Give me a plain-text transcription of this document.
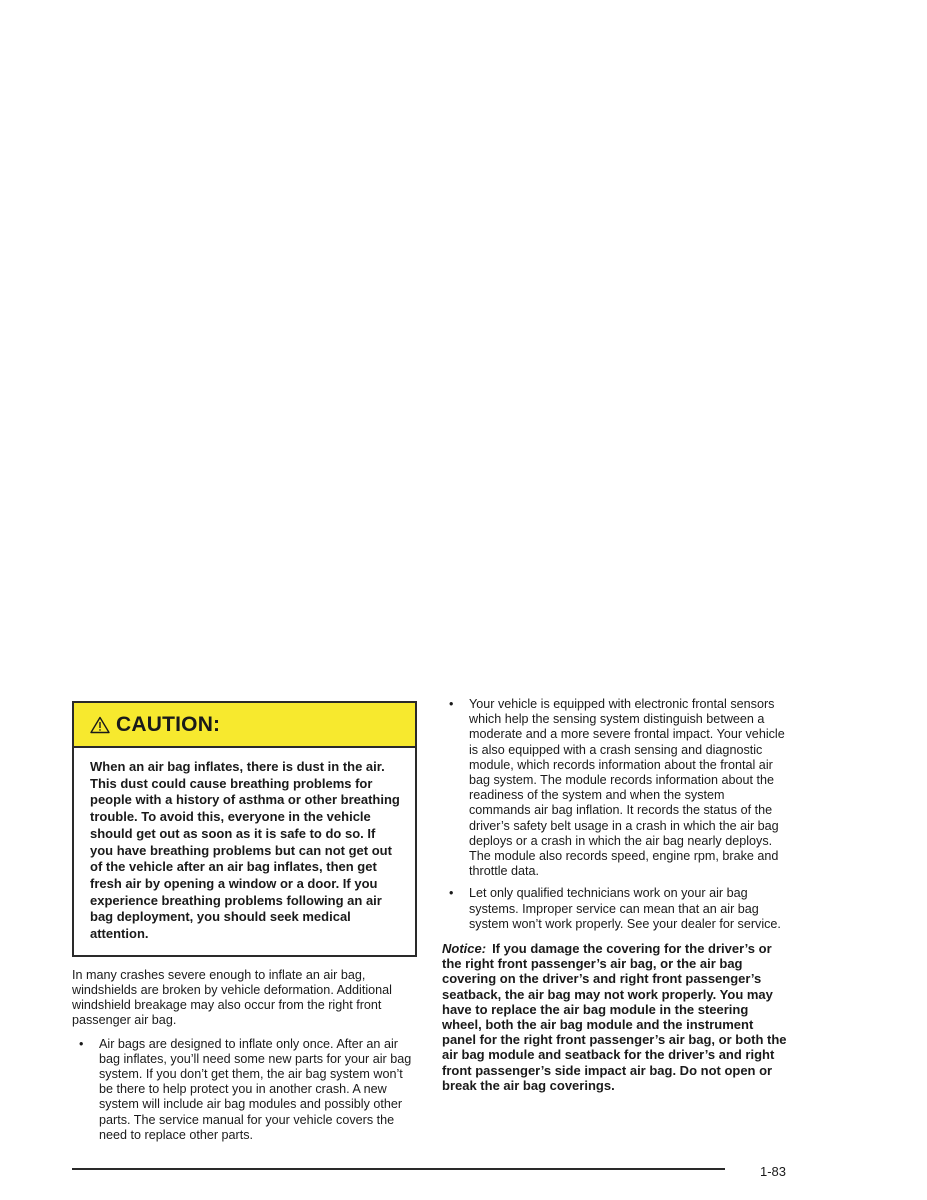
CAUTION:
When an air bag inflates, there is dust in the air. This dust could cause breathing problems for people with a history of asthma or other breathing trouble. To avoid this, everyone in the vehicle should get out as soon as it is safe to do so. If you have breathing problems but can not get out of the vehicle after an air bag inflates, then get fresh air by opening a window or a door. If you experience breathing problems following an air bag deployment, you should seek medical attention.

In many crashes severe enough to inflate an air bag, windshields are broken by vehicle deformation. Additional windshield breakage may also occur from the right front passenger air bag.

• Air bags are designed to inflate only once. After an air bag inflates, you’ll need some new parts for your air bag system. If you don’t get them, the air bag system won’t be there to help protect you in another crash. A new system will include air bag modules and possibly other parts. The service manual for your vehicle covers the need to replace other parts.
• Your vehicle is equipped with electronic frontal sensors which help the sensing system distinguish between a moderate and a more severe frontal impact. Your vehicle is also equipped with a crash sensing and diagnostic module, which records information about the frontal air bag system. The module records information about the readiness of the system and when the system commands air bag inflation. It records the status of the driver’s safety belt usage in a crash in which the air bag deploys or a crash in which the air bag nearly deploys. The module also records speed, engine rpm, brake and throttle data.
• Let only qualified technicians work on your air bag systems. Improper service can mean that an air bag system won’t work properly. See your dealer for service.
Notice: If you damage the covering for the driver’s or the right front passenger’s air bag, or the air bag covering on the driver’s and right front passenger’s seatback, the air bag may not work properly. You may have to replace the air bag module in the steering wheel, both the air bag module and the instrument panel for the right front passenger’s air bag, or both the air bag module and seatback for the driver’s and right front passenger’s side impact air bag. Do not open or break the air bag coverings.
1-83
